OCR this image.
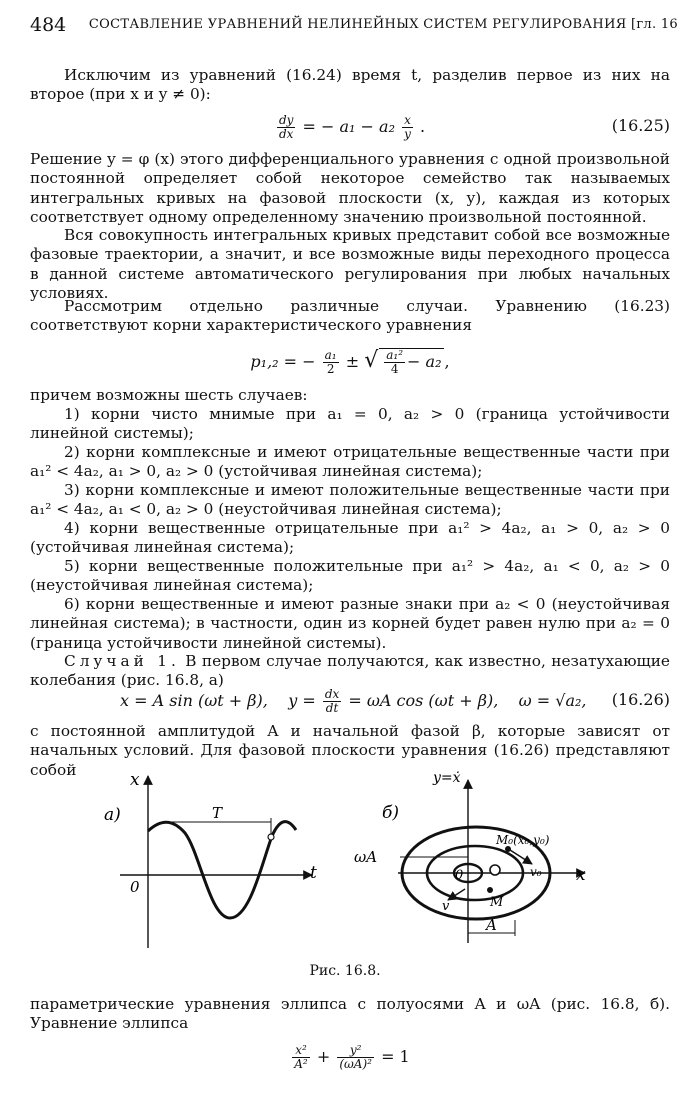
484 СОСТАВЛЕНИЕ УРАВНЕНИЙ НЕЛИНЕЙНЫХ СИСТЕМ РЕГУЛИРОВАНИЯ [гл. 16

Исключим из уравнений (16.24) время t, разделив первое из них на второе (при x и y ≠ 0):

$\frac{dy}{dx}$ = − $a_1 - a_2 \frac{x}{y}$ .	(16.25)

Решение y = φ (x) этого дифференциального уравнения с одной произвольной постоянной определяет собой некоторое семейство так называемых интегральных кривых на фазовой плоскости (x, y), каждая из которых соответствует одному определенному значению произвольной постоянной.

Вся совокупность интегральных кривых представит собой все возможные фазовые траектории, а значит, и все возможные виды переходного процесса в данной системе автоматического регулирования при любых начальных условиях.

Рассмотрим отдельно различные случаи. Уравнению (16.23) соответствуют корни характеристического уравнения

p₁,₂ = − $\frac{\text{a₁}}{2}$ ± √ $\frac{\text{a₁²}}{4} - a_2$ ,

причем возможны шесть случаев:

1) корни чисто мнимые при a₁ = 0, a₂ > 0 (граница устойчивости линейной системы);

2) корни комплексные и имеют отрицательные вещественные части при a₁² < 4a₂, a₁ > 0, a₂ > 0 (устойчивая линейная система);

3) корни комплексные и имеют положительные вещественные части при a₁² < 4a₂, a₁ < 0, a₂ > 0 (неустойчивая линейная система);

4) корни вещественные отрицательные при a₁² > 4a₂, a₁ > 0, a₂ > 0 (устойчивая линейная система);

5) корни вещественные положительные при a₁² > 4a₂, a₁ < 0, a₂ > 0 (неустойчивая линейная система);

6) корни вещественные и имеют разные знаки при a₂ < 0 (неустойчивая линейная система); в частности, один из корней будет равен нулю при a₂ = 0 (граница устойчивости линейной системы).

Случай 1. В первом случае получаются, как известно, незатухающие колебания (рис. 16.8, а)

x = A sin (ωt + β), $y = \frac{dx}{dt} = \omega A$ cos (ωt + β), ω = √a₂, (16.26)

с постоянной амплитудой A и начальной фазой β, которые зависят от начальных условий. Для фазовой плоскости уравнения (16.26) представляют собой

а)
x
t
0
T	б)
y=ẋ
x
0
ωA
A
M₀(x₀,y₀)
v₀
v	M
Рис. 16.8.

параметрические уравнения эллипса с полуосями A и ωA (рис. 16.8, б). Уравнение эллипса

$\frac{\text{x²}}{\text{A²}} + \frac{\text{y²}}{\text{(ωA)²}} = 1$
